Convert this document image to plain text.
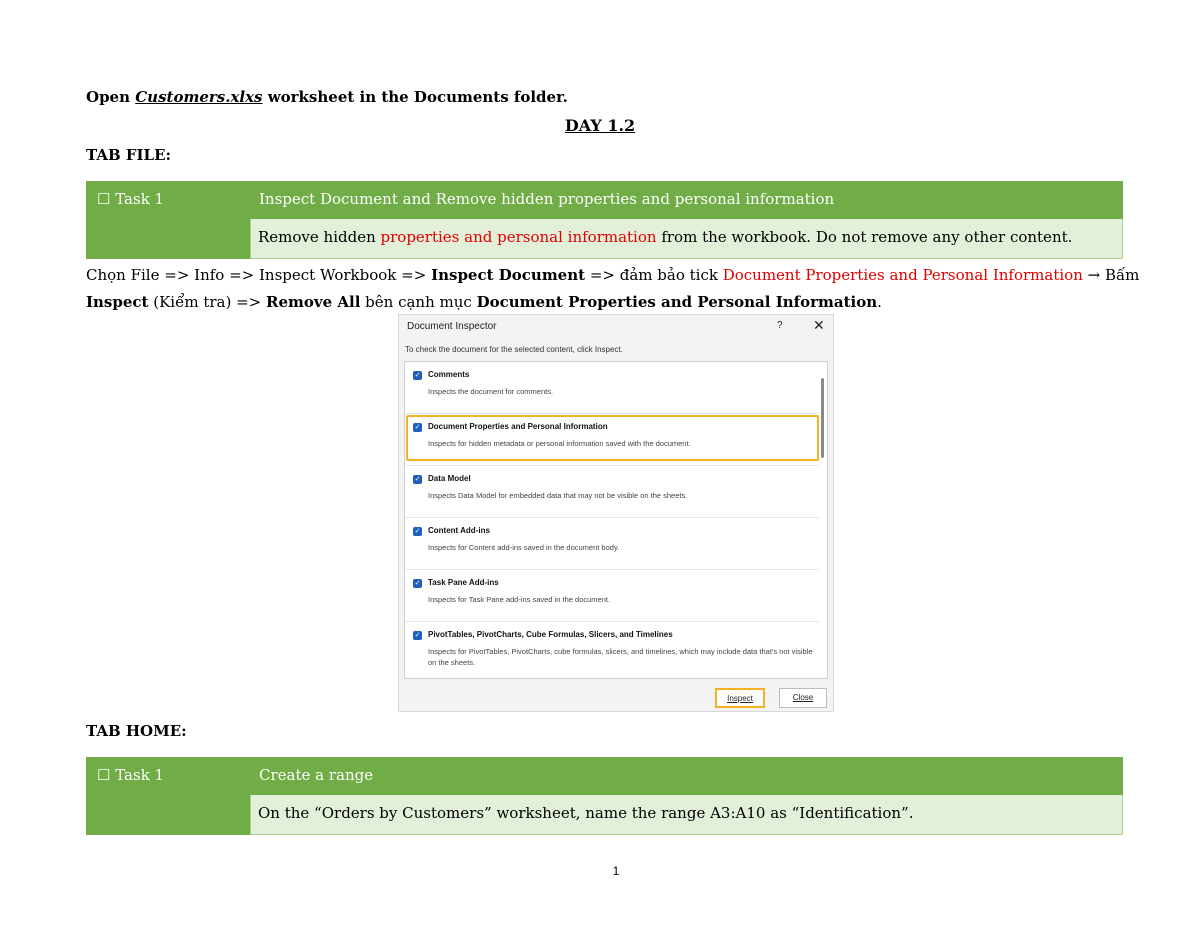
Open Customers.xlxs worksheet in the Documents folder.
DAY 1.2
TAB FILE:
☐ Task 1	Inspect Document and Remove hidden properties and personal information
Remove hidden properties and personal information from the workbook. Do not remove any other content.
Chọn File => Info => Inspect Workbook => Inspect Document => đảm bảo tick Document Properties and Personal Information → Bấm Inspect (Kiểm tra) => Remove All bên cạnh mục Document Properties and Personal Information.
Document Inspector	? ✕
To check the document for the selected content, click Inspect.
✓ Comments
Inspects the document for comments.
✓ Document Properties and Personal Information
Inspects for hidden metadata or personal information saved with the document.
✓ Data Model
Inspects Data Model for embedded data that may not be visible on the sheets.
✓ Content Add-ins
Inspects for Content add-ins saved in the document body.
✓ Task Pane Add-ins
Inspects for Task Pane add-ins saved in the document.
✓ PivotTables, PivotCharts, Cube Formulas, Slicers, and Timelines
Inspects for PivotTables, PivotCharts, cube formulas, slicers, and timelines, which may include data that's not visible on the sheets.
Inspect	Close
TAB HOME:
☐ Task 1	Create a range
On the “Orders by Customers” worksheet, name the range A3:A10 as “Identification”.
1
